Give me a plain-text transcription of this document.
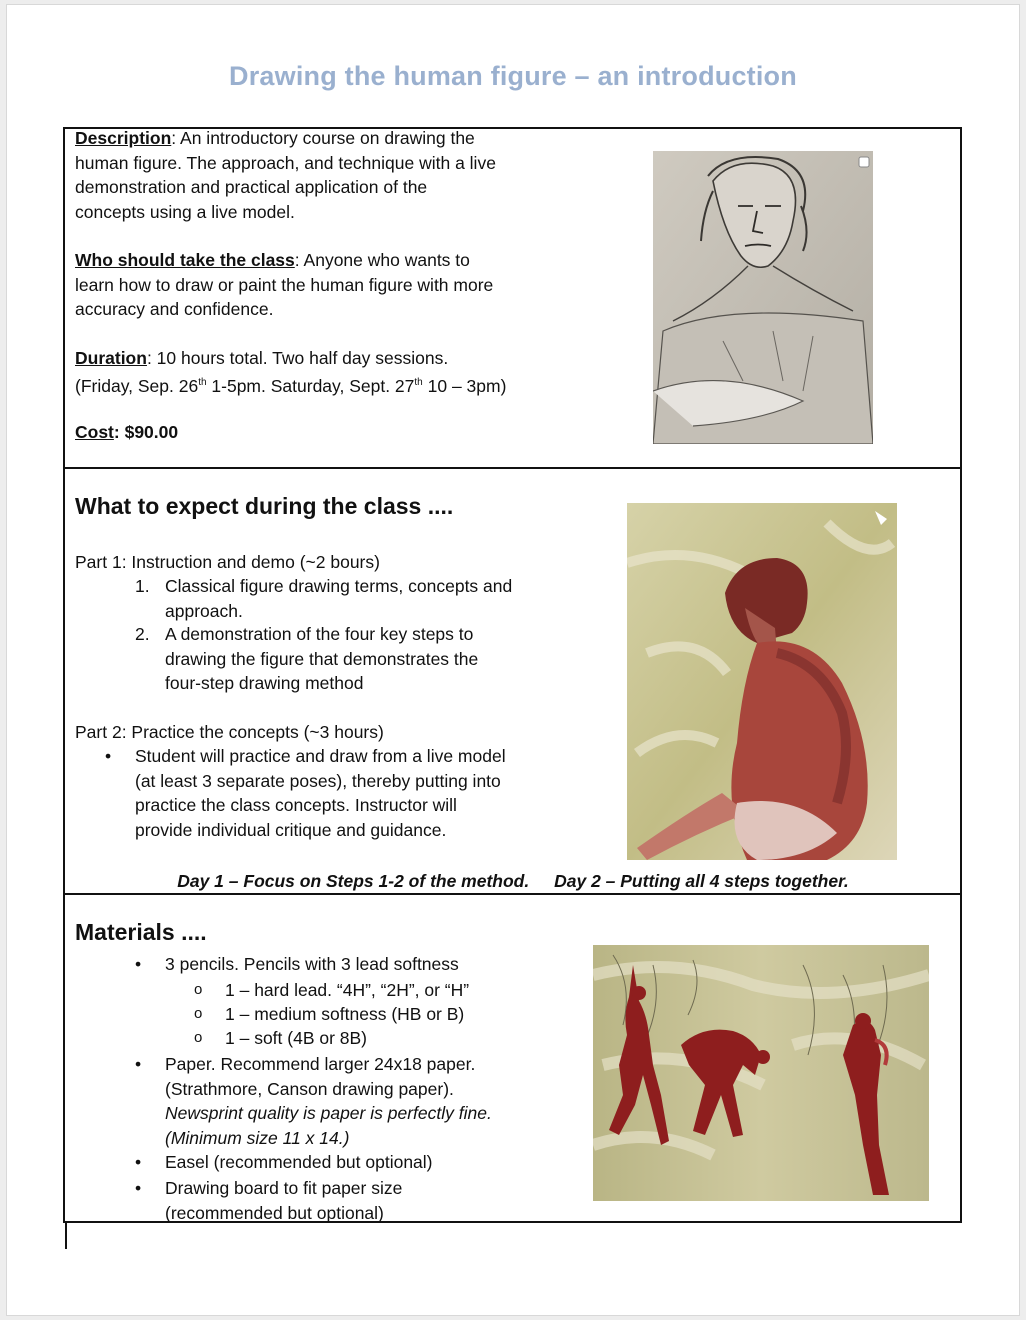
Drawing the human figure – an introduction
Description: An introductory course on drawing the
human figure. The approach, and technique with a live
demonstration and practical application of the
concepts using a live model.
Who should take the class: Anyone who wants to
learn how to draw or paint the human figure with more
accuracy and confidence.
Duration: 10 hours total. Two half day sessions.
(Friday, Sep. 26th 1-5pm. Saturday, Sept. 27th 10 – 3pm)
Cost: $90.00
What to expect during the class ....
Part 1: Instruction and demo (~2 bours)
1. Classical figure drawing terms, concepts and
approach.
2. A demonstration of the four key steps to
drawing the figure that demonstrates the
four-step drawing method
Part 2: Practice the concepts (~3 hours)
• Student will practice and draw from a live model
(at least 3 separate poses), thereby putting into
practice the class concepts. Instructor will
provide individual critique and guidance.
Day 1 – Focus on Steps 1-2 of the method. Day 2 – Putting all 4 steps together.
Materials ....
• 3 pencils. Pencils with 3 lead softness
o 1 – hard lead. “4H”, “2H”, or “H”
o 1 – medium softness (HB or B)
o 1 – soft (4B or 8B)
• Paper. Recommend larger 24x18 paper.
(Strathmore, Canson drawing paper).
Newsprint quality is paper is perfectly fine.
(Minimum size 11 x 14.)
• Easel (recommended but optional)
• Drawing board to fit paper size
(recommended but optional)
